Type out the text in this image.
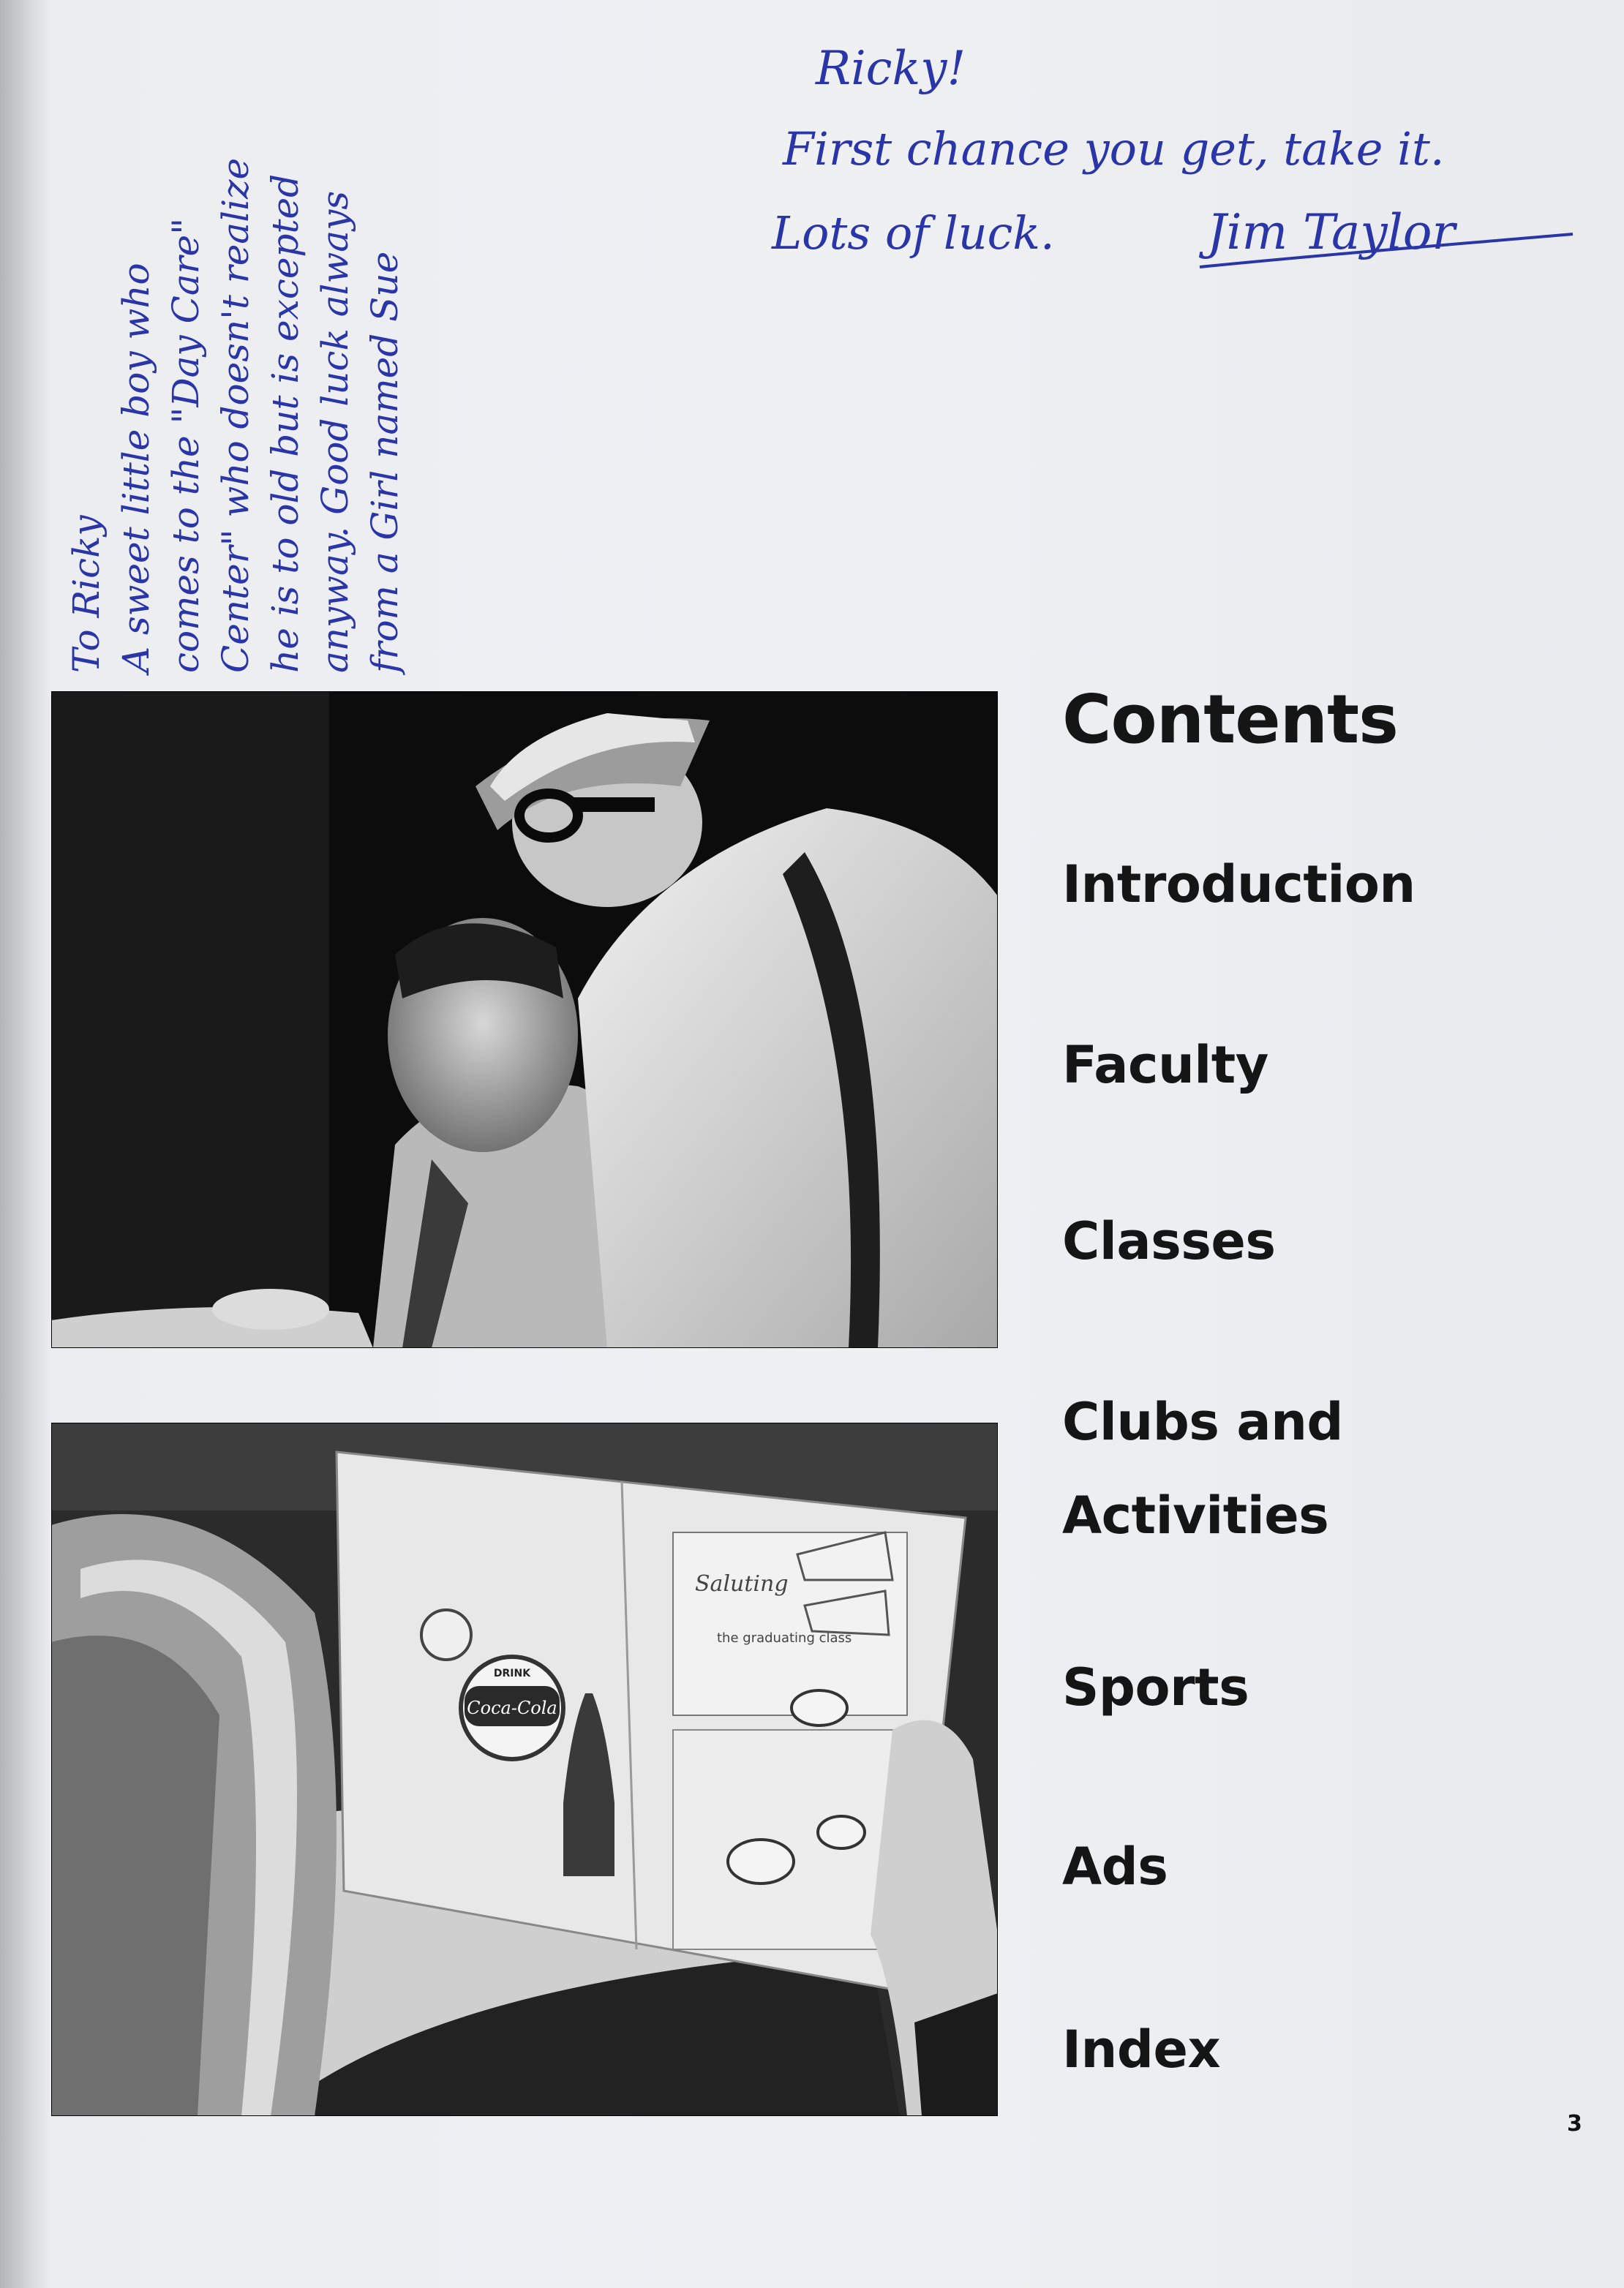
Ricky!
First chance you get, take it.
Lots of luck.	Jim Taylor
To Ricky A sweet little boy who comes to the "Day Care" Center" who doesn't realize he is to old but is excepted anyway. Good luck always from a Girl named Sue
DRINK
Coca-Cola
Saluting
the graduating class
Contents
Introduction
Faculty
Classes
Clubs and
Activities
Sports
Ads
Index
3
